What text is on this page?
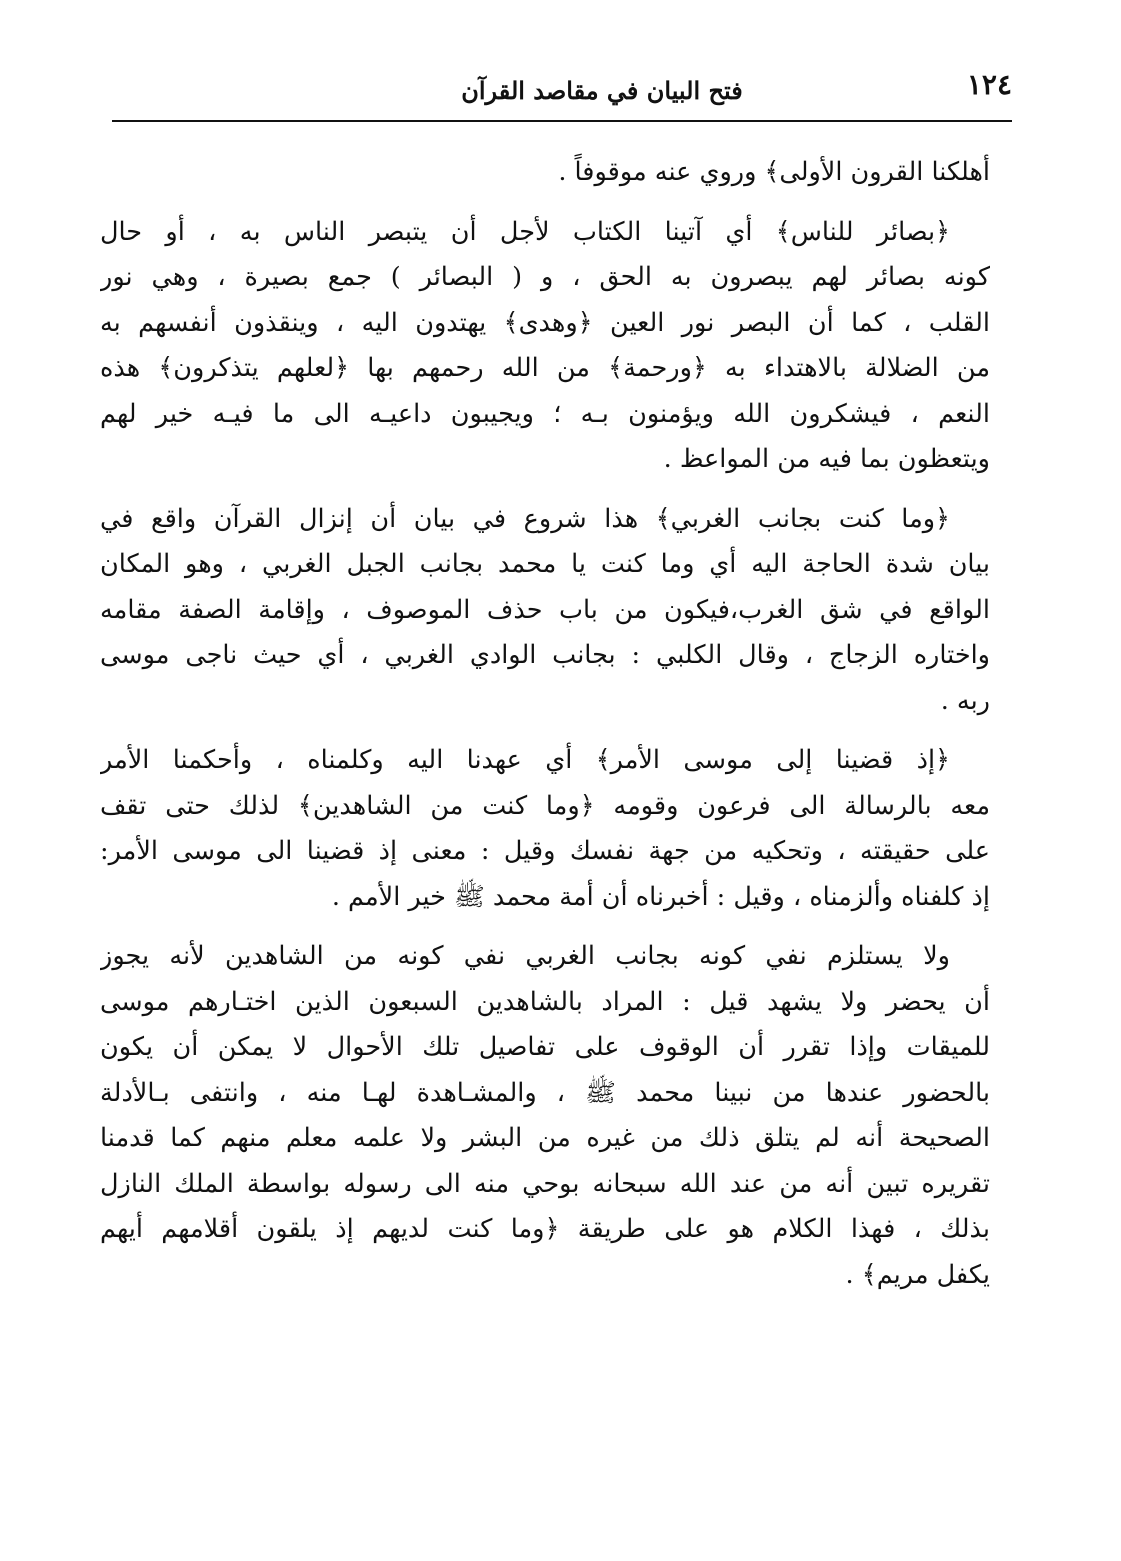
١٢٤
فتح البيان في مقاصد القرآن
أهلكنا القرون الأولى﴾ وروي عنه موقوفاً .
﴿بصائر للناس﴾ أي آتينا الكتاب لأجل أن يتبصر الناس به ، أو حال
كونه بصائر لهم يبصرون به الحق ، و ( البصائر ) جمع بصيرة ، وهي نور
القلب ، كما أن البصر نور العين ﴿وهدى﴾ يهتدون اليه ، وينقذون أنفسهم به
من الضلالة بالاهتداء به ﴿ورحمة﴾ من الله رحمهم بها ﴿لعلهم يتذكرون﴾ هذه
النعم ، فيشكرون الله ويؤمنون بـه ؛ ويجيبون داعيـه الى ما فيـه خير لهم
ويتعظون بما فيه من المواعظ .
﴿وما كنت بجانب الغربي﴾ هذا شروع في بيان أن إنزال القرآن واقع في
بيان شدة الحاجة اليه أي وما كنت يا محمد بجانب الجبل الغربي ، وهو المكان
الواقع في شق الغرب،فيكون من باب حذف الموصوف ، وإقامة الصفة مقامه
واختاره الزجاج ، وقال الكلبي : بجانب الوادي الغربي ، أي حيث ناجى موسى
ربه .
﴿إذ قضينا إلى موسى الأمر﴾ أي عهدنا اليه وكلمناه ، وأحكمنا الأمر
معه بالرسالة الى فرعون وقومه ﴿وما كنت من الشاهدين﴾ لذلك حتى تقف
على حقيقته ، وتحكيه من جهة نفسك وقيل : معنى إذ قضينا الى موسى الأمر:
إذ كلفناه وألزمناه ، وقيل : أخبرناه أن أمة محمد ﷺ خير الأمم .
ولا يستلزم نفي كونه بجانب الغربي نفي كونه من الشاهدين لأنه يجوز
أن يحضر ولا يشهد قيل : المراد بالشاهدين السبعون الذين اختـارهم موسى
للميقات وإذا تقرر أن الوقوف على تفاصيل تلك الأحوال لا يمكن أن يكون
بالحضور عندها من نبينا محمد ﷺ ، والمشـاهدة لهـا منه ، وانتفى بـالأدلة
الصحيحة أنه لم يتلق ذلك من غيره من البشر ولا علمه معلم منهم كما قدمنا
تقريره تبين أنه من عند الله سبحانه بوحي منه الى رسوله بواسطة الملك النازل
بذلك ، فهذا الكلام هو على طريقة ﴿وما كنت لديهم إذ يلقون أقلامهم أيهم
يكفل مريم﴾ .
